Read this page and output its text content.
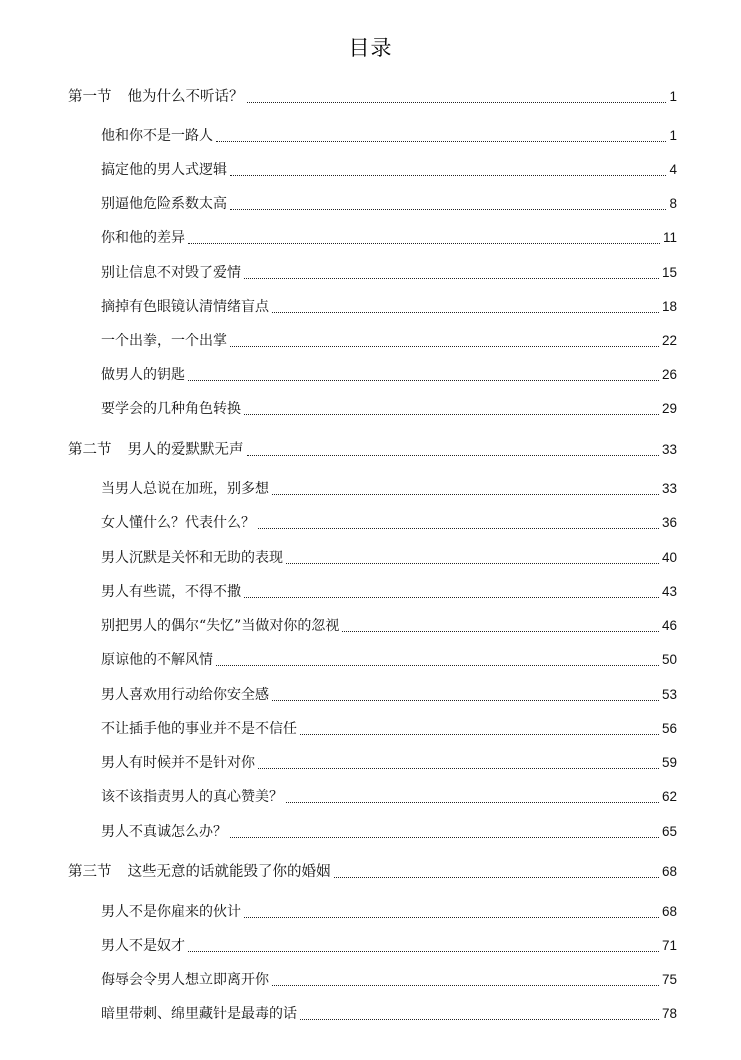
目录
第一节 他为什么不听话？	1
他和你不是一路人	1
搞定他的男人式逻辑	4
别逼他危险系数太高	8
你和他的差异	11
别让信息不对毁了爱情	15
摘掉有色眼镜认清情绪盲点	18
一个出拳，一个出掌	22
做男人的钥匙	26
要学会的几种角色转换	29
第二节 男人的爱默默无声	33
当男人总说在加班，别多想	33
女人懂什么？代表什么？	36
男人沉默是关怀和无助的表现	40
男人有些谎，不得不撒	43
别把男人的偶尔“失忆”当做对你的忽视	46
原谅他的不解风情	50
男人喜欢用行动给你安全感	53
不让插手他的事业并不是不信任	56
男人有时候并不是针对你	59
该不该指责男人的真心赞美？	62
男人不真诚怎么办？	65
第三节 这些无意的话就能毁了你的婚姻	68
男人不是你雇来的伙计	68
男人不是奴才	71
侮辱会令男人想立即离开你	75
暗里带刺、绵里藏针是最毒的话	78
